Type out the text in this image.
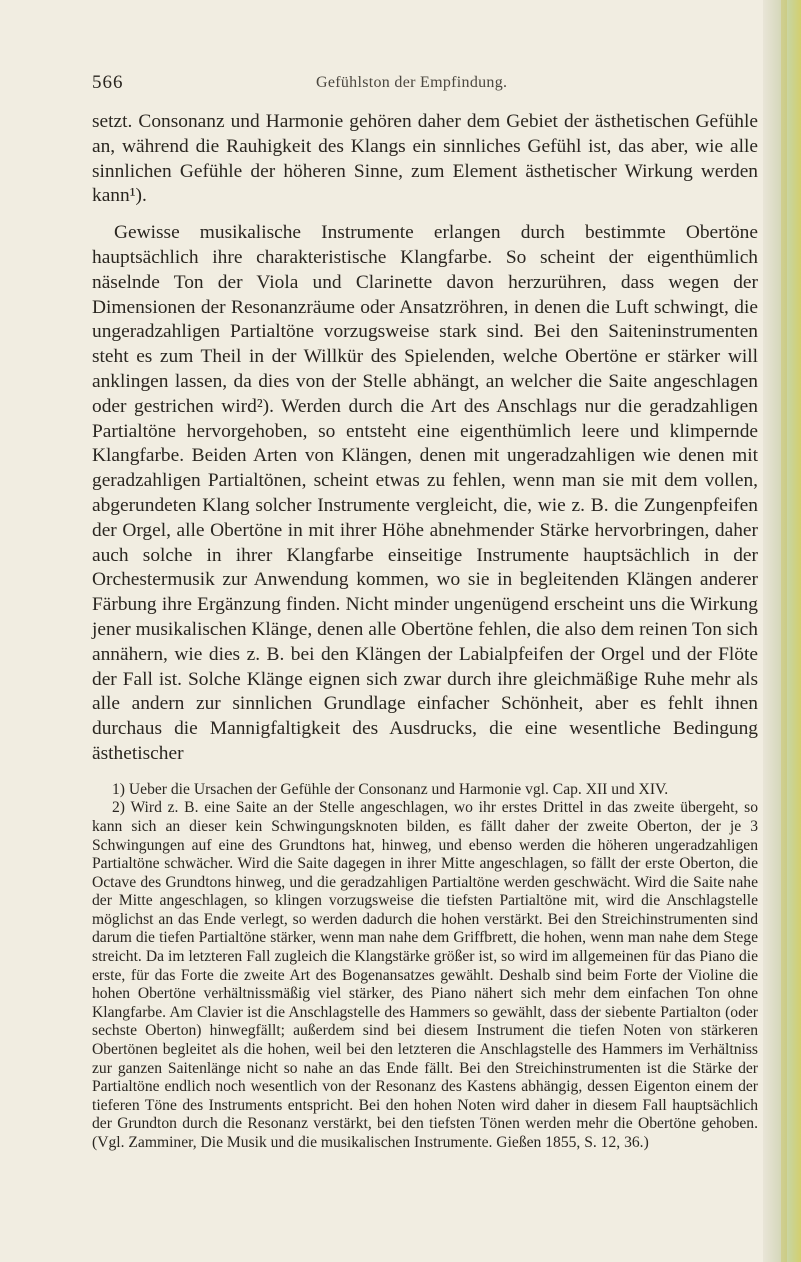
566	Gefühlston der Empfindung.

setzt. Consonanz und Harmonie gehören daher dem Gebiet der ästhetischen Gefühle an, während die Rauhigkeit des Klangs ein sinnliches Gefühl ist, das aber, wie alle sinnlichen Gefühle der höheren Sinne, zum Element ästhetischer Wirkung werden kann¹).

Gewisse musikalische Instrumente erlangen durch bestimmte Obertöne hauptsächlich ihre charakteristische Klangfarbe. So scheint der eigenthümlich näselnde Ton der Viola und Clarinette davon herzurühren, dass wegen der Dimensionen der Resonanzräume oder Ansatzröhren, in denen die Luft schwingt, die ungeradzahligen Partialtöne vorzugsweise stark sind. Bei den Saiteninstrumenten steht es zum Theil in der Willkür des Spielenden, welche Obertöne er stärker will anklingen lassen, da dies von der Stelle abhängt, an welcher die Saite angeschlagen oder gestrichen wird²). Werden durch die Art des Anschlags nur die geradzahligen Partialtöne hervorgehoben, so entsteht eine eigenthümlich leere und klimpernde Klangfarbe. Beiden Arten von Klängen, denen mit ungeradzahligen wie denen mit geradzahligen Partialtönen, scheint etwas zu fehlen, wenn man sie mit dem vollen, abgerundeten Klang solcher Instrumente vergleicht, die, wie z. B. die Zungenpfeifen der Orgel, alle Obertöne in mit ihrer Höhe abnehmender Stärke hervorbringen, daher auch solche in ihrer Klangfarbe einseitige Instrumente hauptsächlich in der Orchestermusik zur Anwendung kommen, wo sie in begleitenden Klängen anderer Färbung ihre Ergänzung finden. Nicht minder ungenügend erscheint uns die Wirkung jener musikalischen Klänge, denen alle Obertöne fehlen, die also dem reinen Ton sich annähern, wie dies z. B. bei den Klängen der Labialpfeifen der Orgel und der Flöte der Fall ist. Solche Klänge eignen sich zwar durch ihre gleichmäßige Ruhe mehr als alle andern zur sinnlichen Grundlage einfacher Schönheit, aber es fehlt ihnen durchaus die Mannigfaltigkeit des Ausdrucks, die eine wesentliche Bedingung ästhetischer

1) Ueber die Ursachen der Gefühle der Consonanz und Harmonie vgl. Cap. XII und XIV.

2) Wird z. B. eine Saite an der Stelle angeschlagen, wo ihr erstes Drittel in das zweite übergeht, so kann sich an dieser kein Schwingungsknoten bilden, es fällt daher der zweite Oberton, der je 3 Schwingungen auf eine des Grundtons hat, hinweg, und ebenso werden die höheren ungeradzahligen Partialtöne schwächer. Wird die Saite dagegen in ihrer Mitte angeschlagen, so fällt der erste Oberton, die Octave des Grundtons hinweg, und die geradzahligen Partialtöne werden geschwächt. Wird die Saite nahe der Mitte angeschlagen, so klingen vorzugsweise die tiefsten Partialtöne mit, wird die Anschlagstelle möglichst an das Ende verlegt, so werden dadurch die hohen verstärkt. Bei den Streichinstrumenten sind darum die tiefen Partialtöne stärker, wenn man nahe dem Griffbrett, die hohen, wenn man nahe dem Stege streicht. Da im letzteren Fall zugleich die Klangstärke größer ist, so wird im allgemeinen für das Piano die erste, für das Forte die zweite Art des Bogenansatzes gewählt. Deshalb sind beim Forte der Violine die hohen Obertöne verhältnissmäßig viel stärker, des Piano nähert sich mehr dem einfachen Ton ohne Klangfarbe. Am Clavier ist die Anschlagstelle des Hammers so gewählt, dass der siebente Partialton (oder sechste Oberton) hinwegfällt; außerdem sind bei diesem Instrument die tiefen Noten von stärkeren Obertönen begleitet als die hohen, weil bei den letzteren die Anschlagstelle des Hammers im Verhältniss zur ganzen Saitenlänge nicht so nahe an das Ende fällt. Bei den Streichinstrumenten ist die Stärke der Partialtöne endlich noch wesentlich von der Resonanz des Kastens abhängig, dessen Eigenton einem der tieferen Töne des Instruments entspricht. Bei den hohen Noten wird daher in diesem Fall hauptsächlich der Grundton durch die Resonanz verstärkt, bei den tiefsten Tönen werden mehr die Obertöne gehoben. (Vgl. Zamminer, Die Musik und die musikalischen Instrumente. Gießen 1855, S. 12, 36.)
